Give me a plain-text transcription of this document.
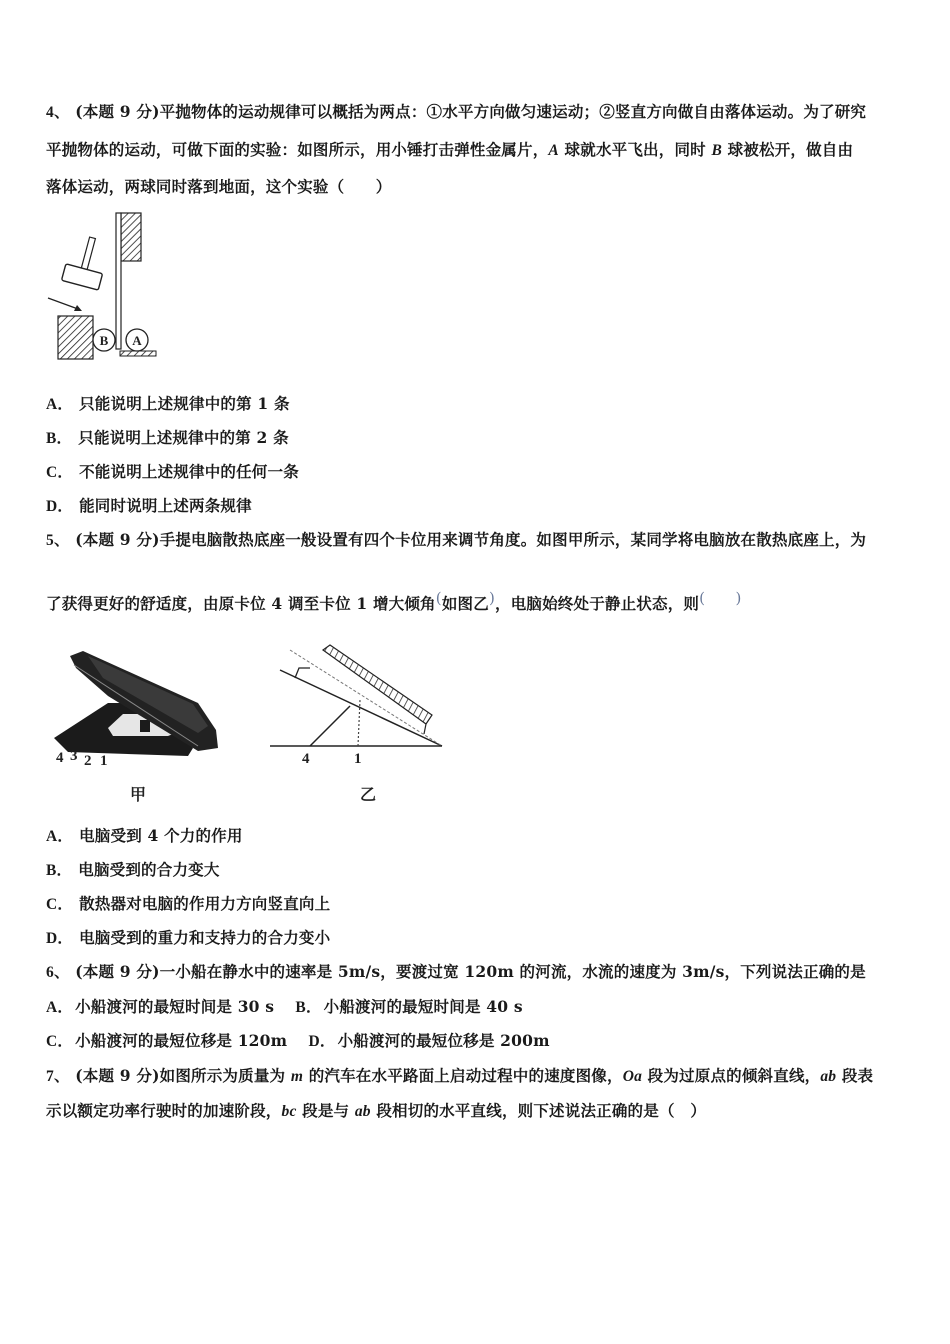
4、 (本题 9 分)平抛物体的运动规律可以概括为两点：①水平方向做匀速运动；②竖直方向做自由落体运动。为了研究
平抛物体的运动，可做下面的实验：如图所示，用小锤打击弹性金属片，A 球就水平飞出，同时 B 球被松开，做自由
落体运动，两球同时落到地面，这个实验（　　）
B A
A． 只能说明上述规律中的第 1 条
B． 只能说明上述规律中的第 2 条
C． 不能说明上述规律中的任何一条
D． 能同时说明上述两条规律
5、 (本题 9 分)手提电脑散热底座一般设置有四个卡位用来调节角度。如图甲所示，某同学将电脑放在散热底座上，为
了获得更好的舒适度，由原卡位 4 调至卡位 1 增大倾角(如图乙)，电脑始终处于静止状态，则(　　)
4 3 2 1
甲
4	1
乙
A． 电脑受到 4 个力的作用
B． 电脑受到的合力变大
C． 散热器对电脑的作用力方向竖直向上
D． 电脑受到的重力和支持力的合力变小
6、 (本题 9 分)一小船在静水中的速率是 5m/s，要渡过宽 120m 的河流，水流的速度为 3m/s，下列说法正确的是
A． 小船渡河的最短时间是 30 s B． 小船渡河的最短时间是 40 s
C． 小船渡河的最短位移是 120m D． 小船渡河的最短位移是 200m
7、 (本题 9 分)如图所示为质量为 m 的汽车在水平路面上启动过程中的速度图像，Oa 段为过原点的倾斜直线，ab 段表
示以额定功率行驶时的加速阶段，bc 段是与 ab 段相切的水平直线，则下述说法正确的是（　）
